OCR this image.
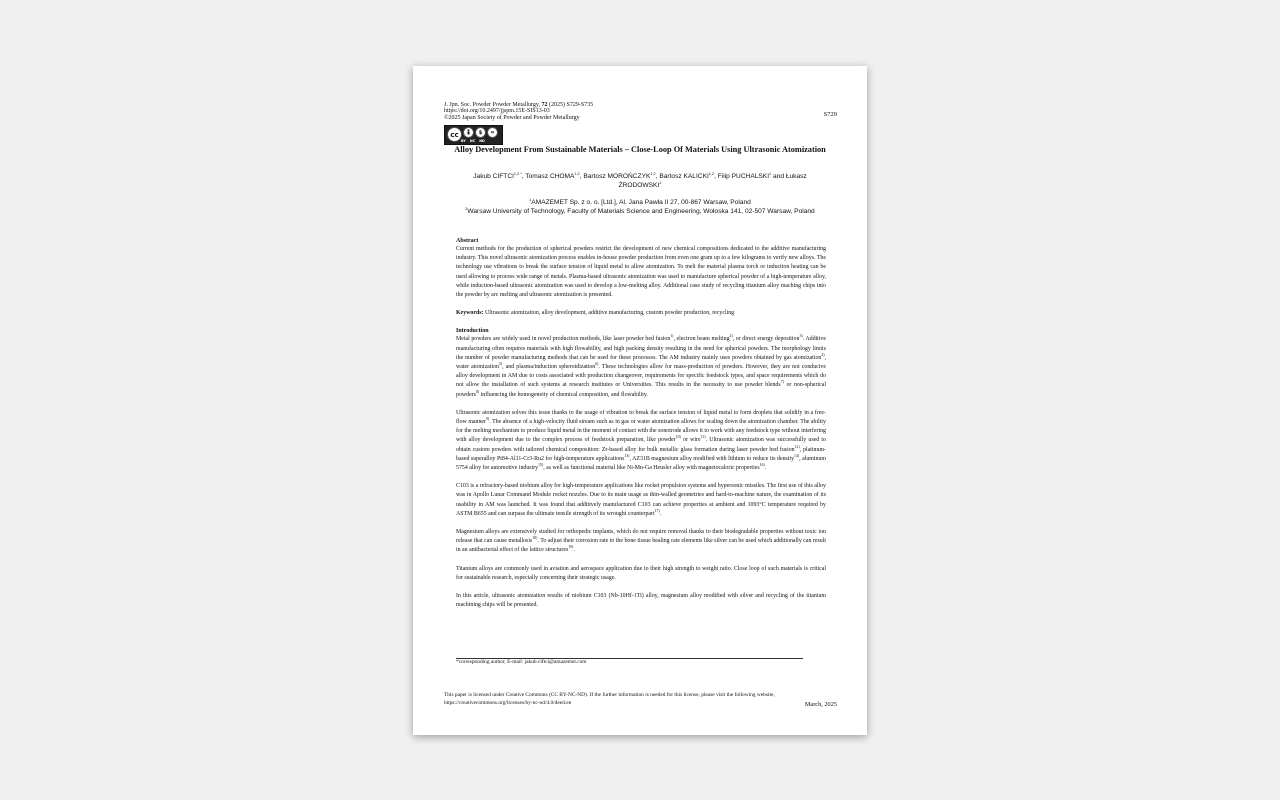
J. Jpn. Soc. Powder Powder Metallurgy, 72 (2025) S729-S735
https://doi.org/10.2497/jjspm.15E-SIS13-03
©2025 Japan Society of Powder and Powder Metallurgy	S729
cc	$	=
BY NC ND
Alloy Development From Sustainable Materials – Close-Loop Of Materials Using Ultrasonic Atomization
Jakub $CIFTCI^{1,2 *}$, Tomasz CHOMA$^{1,2}$, Bartosz MOROŃCZYK$^{1,2}$, Bartosz KALICKI$^{1,2}$, Filip PUCHALSKI$^1$ and Łukasz ŻRODOWSKI$^1$
$^1$AMAZEMET Sp. z o. o. [Ltd.], Al. Jana Pawła II 27, 00-867 Warsaw, Poland
$^2$Warsaw University of Technology, Faculty of Materials Science and Engineering, Wołoska 141, 02-507 Warsaw, Poland

Abstract

Current methods for the production of spherical powders restrict the development of new chemical compositions dedicated to the additive manufacturing industry. This novel ultrasonic atomization process enables in-house powder production from even one gram up to a few kilograms to verify new alloys. The technology use vibrations to break the surface tension of liquid metal to allow atomization. To melt the material plasma torch or induction heating can be used allowing to process wide range of metals. Plasma-based ultrasonic atomization was used to manufacture spherical powder of a high-temperature alloy, while induction-based ultrasonic atomization was used to develop a low-melting alloy. Additional case study of recycling titanium alloy maching chips into the powder by arc melting and ultrasonic atomization is presented.

Keywords: Ultrasonic atomization, alloy development, additive manufacturing, custom powder production, recycling

Introduction

Metal powders are widely used in novel production methods, like laser powder bed fusion$^{1)}$, electron beam melting$^{2)}$, or direct energy deposition$^{3)}$. Additive manufacturing often requires materials with high flowability, and high packing density resulting in the need for spherical powders. The morphology limits the number of powder manufacturing methods that can be used for these processes. The AM industry mainly uses powders obtained by gas atomization$^{4)}$, water atomization$^{5)}$, and plasma/induction spheroidization$^{6)}$. These technologies allow for mass-production of powders. However, they are not conducive alloy development in AM due to costs associated with production changeover, requirements for specific feedstock types, and space requirements which do not allow the installation of such systems at research institutes or Universities. This results in the necessity to use powder blends$^{7)}$ or non-spherical powders$^{8)}$ influencing the homogeneity of chemical composition, and flowability.

Ultrasonic atomization solves this issue thanks to the usage of vibration to break the surface tension of liquid metal to form droplets that solidify in a free-flow manner$^{9)}$. The absence of a high-velocity fluid stream such as in gas or water atomization allows for scaling down the atomization chamber. The ability for the melting mechanism to produce liquid metal in the moment of contact with the sonotrode allows it to work with any feedstock type without interfering with alloy development due to the complex process of feedstock preparation, like powder$^{10)}$ or wire$^{11)}$. Ultrasonic atomization was successfully used to obtain custom powders with tailored chemical composition: Zr-based alloy for bulk metallic glass formation during laser powder bed fusion$^{12)}$, platinum-based superalloy Pt84-Al11-Cr3-Ru2 for high-temperature applications$^{13)}$, AZ31B magnesium alloy modified with lithium to reduce its density$^{14)}$, aluminum 5754 alloy for automotive industry$^{15)}$, as well as functional material like Ni-Mn-Ga Heusler alloy with magnetocaloric properties$^{16)}$.

C103 is a refractory-based niobium alloy for high-temperature applications like rocket propulsion systems and hypersonic missiles. The first use of this alloy was in Apollo Lunar Command Module rocket nozzles. Due to its main usage as thin-walled geometries and hard-to-machine nature, the examination of its usability in AM was launched. It was found that additively manufactured C103 can achieve properties at ambient and 1093°C temperature required by ASTM B655 and can surpass the ultimate tensile strength of its wrought counterpart$^{17)}$.

Magnesium alloys are extensively studied for orthopedic implants, which do not require removal thanks to their biodegradable properties without toxic ion release that can cause metallosis$^{18)}$. To adjust their corrosion rate to the bone tissue healing rate elements like silver can be used which additionally can result in an antibacterial effect of the lattice structures$^{19)}$.

Titanium alloys are commonly used in aviation and aerospace application due to their high strength to weight ratio. Close loop of such materials is critical for sustainable research, especially concerning their strategic usage.

In this article, ultrasonic atomization results of niobium C103 (Nb-10Hf-1Ti) alloy, magnesium alloy modified with silver and recycling of the titanium machining chips will be presented.

*corresponding author, E-mail: jakub.ciftci@amazemet.com
This paper is licensed under Creative Commons (CC BY-NC-ND). If the further information is needed for this license, please visit the following website,
https://creativecommons.org/licenses/by-nc-nd/4.0/deed.en	March, 2025
